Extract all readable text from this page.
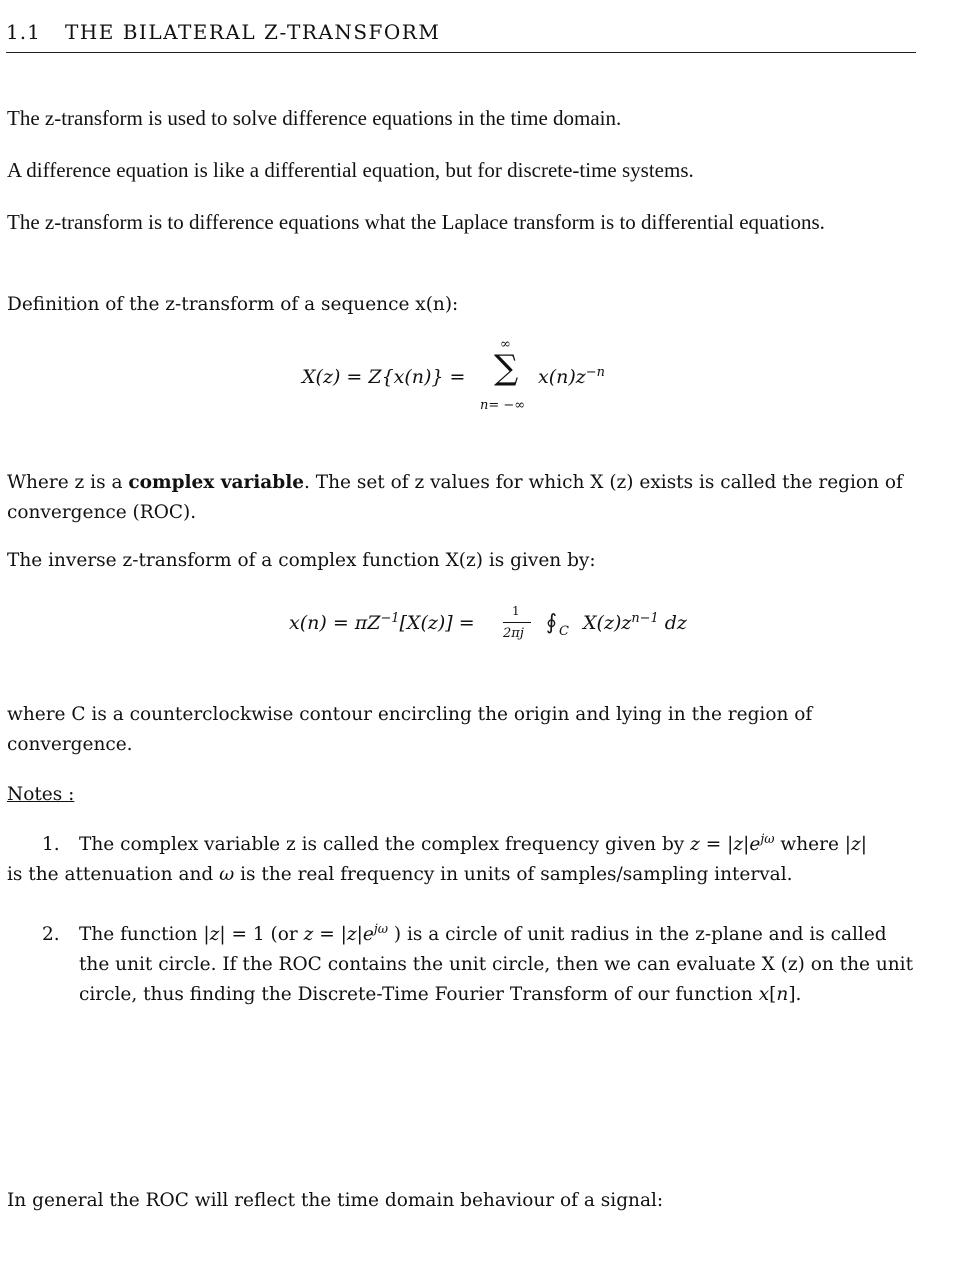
1.1 THE BILATERAL Z-TRANSFORM
The z-transform is used to solve difference equations in the time domain.
A difference equation is like a differential equation, but for discrete-time systems.
The z-transform is to difference equations what the Laplace transform is to differential equations.
Definition of the z-transform of a sequence x(n):
X(z) = Z{x(n)} =
∞
∑
n= −∞
$x(n)z^{-n}$
Where z is a complex variable. The set of z values for which X (z) exists is called the region of convergence (ROC).
The inverse z-transform of a complex function X(z) is given by:
$x(n) = \pi Z^{-1}[X(z)]$ =
1
2πj ∮ C $X(z)z^{n-1}$ dz
where C is a counterclockwise contour encircling the origin and lying in the region of convergence.
Notes :
1. The complex variable z is called the complex frequency given by $z = |z|e^{j\omega}$ where |z|
is the attenuation and ω is the real frequency in units of samples/sampling interval.
2. The function |z| = 1 (or $z = |z|e^{j\omega}$ ) is a circle of unit radius in the z-plane and is called
the unit circle. If the ROC contains the unit circle, then we can evaluate X (z) on the unit
circle, thus finding the Discrete-Time Fourier Transform of our function x[n].
In general the ROC will reflect the time domain behaviour of a signal:
